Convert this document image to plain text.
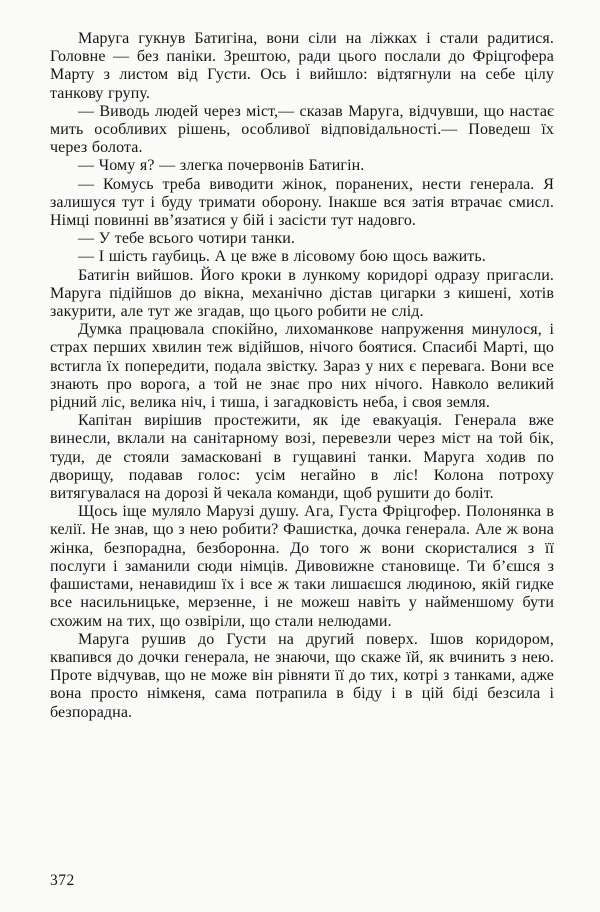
Маруга гукнув Батигіна, вони сіли на ліжках і стали радитися. Головне — без паніки. Зрештою, ради цього послали до Фріцгофера Марту з листом від Густи. Ось і вийшло: відтягнули на себе цілу танкову групу.

— Виводь людей через міст,— сказав Маруга, відчувши, що настає мить особливих рішень, особливої відповідальності.— Поведеш їх через болота.

— Чому я? — злегка почервонів Батигін.

— Комусь треба виводити жінок, поранених, нести генерала. Я залишуся тут і буду тримати оборону. Інакше вся затія втрачає смисл. Німці повинні вв’язатися у бій і засісти тут надовго.

— У тебе всього чотири танки.

— І шість гаубиць. А це вже в лісовому бою щось важить.

Батигін вийшов. Його кроки в лункому коридорі одразу пригасли. Маруга підійшов до вікна, механічно дістав цигарки з кишені, хотів закурити, але тут же згадав, що цього робити не слід.

Думка працювала спокійно, лихоманкове напруження минулося, і страх перших хвилин теж відійшов, нічого боятися. Спасибі Марті, що встигла їх попередити, подала звістку. Зараз у них є перевага. Вони все знають про ворога, а той не знає про них нічого. Навколо великий рідний ліс, велика ніч, і тиша, і загадковість неба, і своя земля.

Капітан вирішив простежити, як іде евакуація. Генерала вже винесли, вклали на санітарному возі, перевезли через міст на той бік, туди, де стояли замасковані в гущавині танки. Маруга ходив по дворищу, подавав голос: усім негайно в ліс! Колона потроху витягувалася на дорозі й чекала команди, щоб рушити до боліт.

Щось іще муляло Марузі душу. Ага, Густа Фріцгофер. Полонянка в келії. Не знав, що з нею робити? Фашистка, дочка генерала. Але ж вона жінка, безпорадна, безборонна. До того ж вони скористалися з її послуги і заманили сюди німців. Дивовижне становище. Ти б’єшся з фашистами, ненавидиш їх і все ж таки лишаєшся людиною, якій гидке все насильницьке, мерзенне, і не можеш навіть у найменшому бути схожим на тих, що озвіріли, що стали нелюдами.

Маруга рушив до Густи на другий поверх. Ішов коридором, квапився до дочки генерала, не знаючи, що скаже їй, як вчинить з нею. Проте відчував, що не може він рівняти її до тих, котрі з танками, адже вона просто німкеня, сама потрапила в біду і в цій біді безсила і безпорадна.

372
